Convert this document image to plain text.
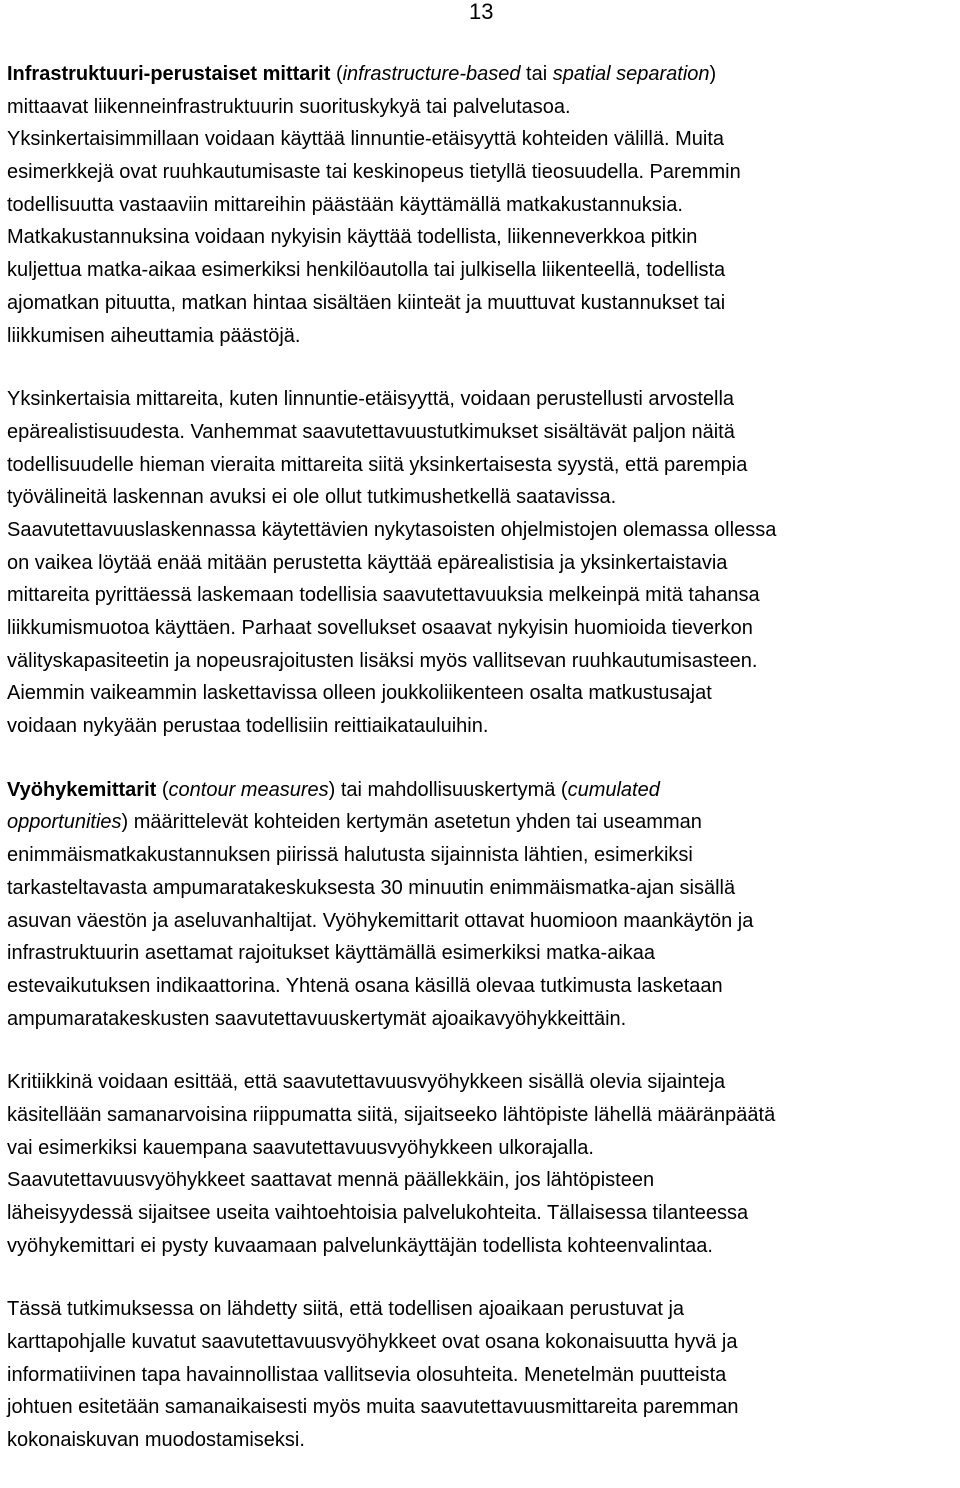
13
Infrastruktuuri-perustaiset mittarit (infrastructure-based tai spatial separation)
mittaavat liikenneinfrastruktuurin suorituskykyä tai palvelutasoa.
Yksinkertaisimmillaan voidaan käyttää linnuntie-etäisyyttä kohteiden välillä. Muita
esimerkkejä ovat ruuhkautumisaste tai keskinopeus tietyllä tieosuudella. Paremmin
todellisuutta vastaaviin mittareihin päästään käyttämällä matkakustannuksia.
Matkakustannuksina voidaan nykyisin käyttää todellista, liikenneverkkoa pitkin
kuljettua matka-aikaa esimerkiksi henkilöautolla tai julkisella liikenteellä, todellista
ajomatkan pituutta, matkan hintaa sisältäen kiinteät ja muuttuvat kustannukset tai
liikkumisen aiheuttamia päästöjä.
Yksinkertaisia mittareita, kuten linnuntie-etäisyyttä, voidaan perustellusti arvostella
epärealistisuudesta. Vanhemmat saavutettavuustutkimukset sisältävät paljon näitä
todellisuudelle hieman vieraita mittareita siitä yksinkertaisesta syystä, että parempia
työvälineitä laskennan avuksi ei ole ollut tutkimushetkellä saatavissa.
Saavutettavuuslaskennassa käytettävien nykytasoisten ohjelmistojen olemassa ollessa
on vaikea löytää enää mitään perustetta käyttää epärealistisia ja yksinkertaistavia
mittareita pyrittäessä laskemaan todellisia saavutettavuuksia melkeinpä mitä tahansa
liikkumismuotoa käyttäen. Parhaat sovellukset osaavat nykyisin huomioida tieverkon
välityskapasiteetin ja nopeusrajoitusten lisäksi myös vallitsevan ruuhkautumisasteen.
Aiemmin vaikeammin laskettavissa olleen joukkoliikenteen osalta matkustusajat
voidaan nykyään perustaa todellisiin reittiaikatauluihin.
Vyöhykemittarit (contour measures) tai mahdollisuuskertymä (cumulated
opportunities) määrittelevät kohteiden kertymän asetetun yhden tai useamman
enimmäismatkakustannuksen piirissä halutusta sijainnista lähtien, esimerkiksi
tarkasteltavasta ampumaratakeskuksesta 30 minuutin enimmäismatka-ajan sisällä
asuvan väestön ja aseluvanhaltijat. Vyöhykemittarit ottavat huomioon maankäytön ja
infrastruktuurin asettamat rajoitukset käyttämällä esimerkiksi matka-aikaa
estevaikutuksen indikaattorina. Yhtenä osana käsillä olevaa tutkimusta lasketaan
ampumaratakeskusten saavutettavuuskertymät ajoaikavyöhykkeittäin.
Kritiikkinä voidaan esittää, että saavutettavuusvyöhykkeen sisällä olevia sijainteja
käsitellään samanarvoisina riippumatta siitä, sijaitseeko lähtöpiste lähellä määränpäätä
vai esimerkiksi kauempana saavutettavuusvyöhykkeen ulkorajalla.
Saavutettavuusvyöhykkeet saattavat mennä päällekkäin, jos lähtöpisteen
läheisyydessä sijaitsee useita vaihtoehtoisia palvelukohteita. Tällaisessa tilanteessa
vyöhykemittari ei pysty kuvaamaan palvelunkäyttäjän todellista kohteenvalintaa.
Tässä tutkimuksessa on lähdetty siitä, että todellisen ajoaikaan perustuvat ja
karttapohjalle kuvatut saavutettavuusvyöhykkeet ovat osana kokonaisuutta hyvä ja
informatiivinen tapa havainnollistaa vallitsevia olosuhteita. Menetelmän puutteista
johtuen esitetään samanaikaisesti myös muita saavutettavuusmittareita paremman
kokonaiskuvan muodostamiseksi.
